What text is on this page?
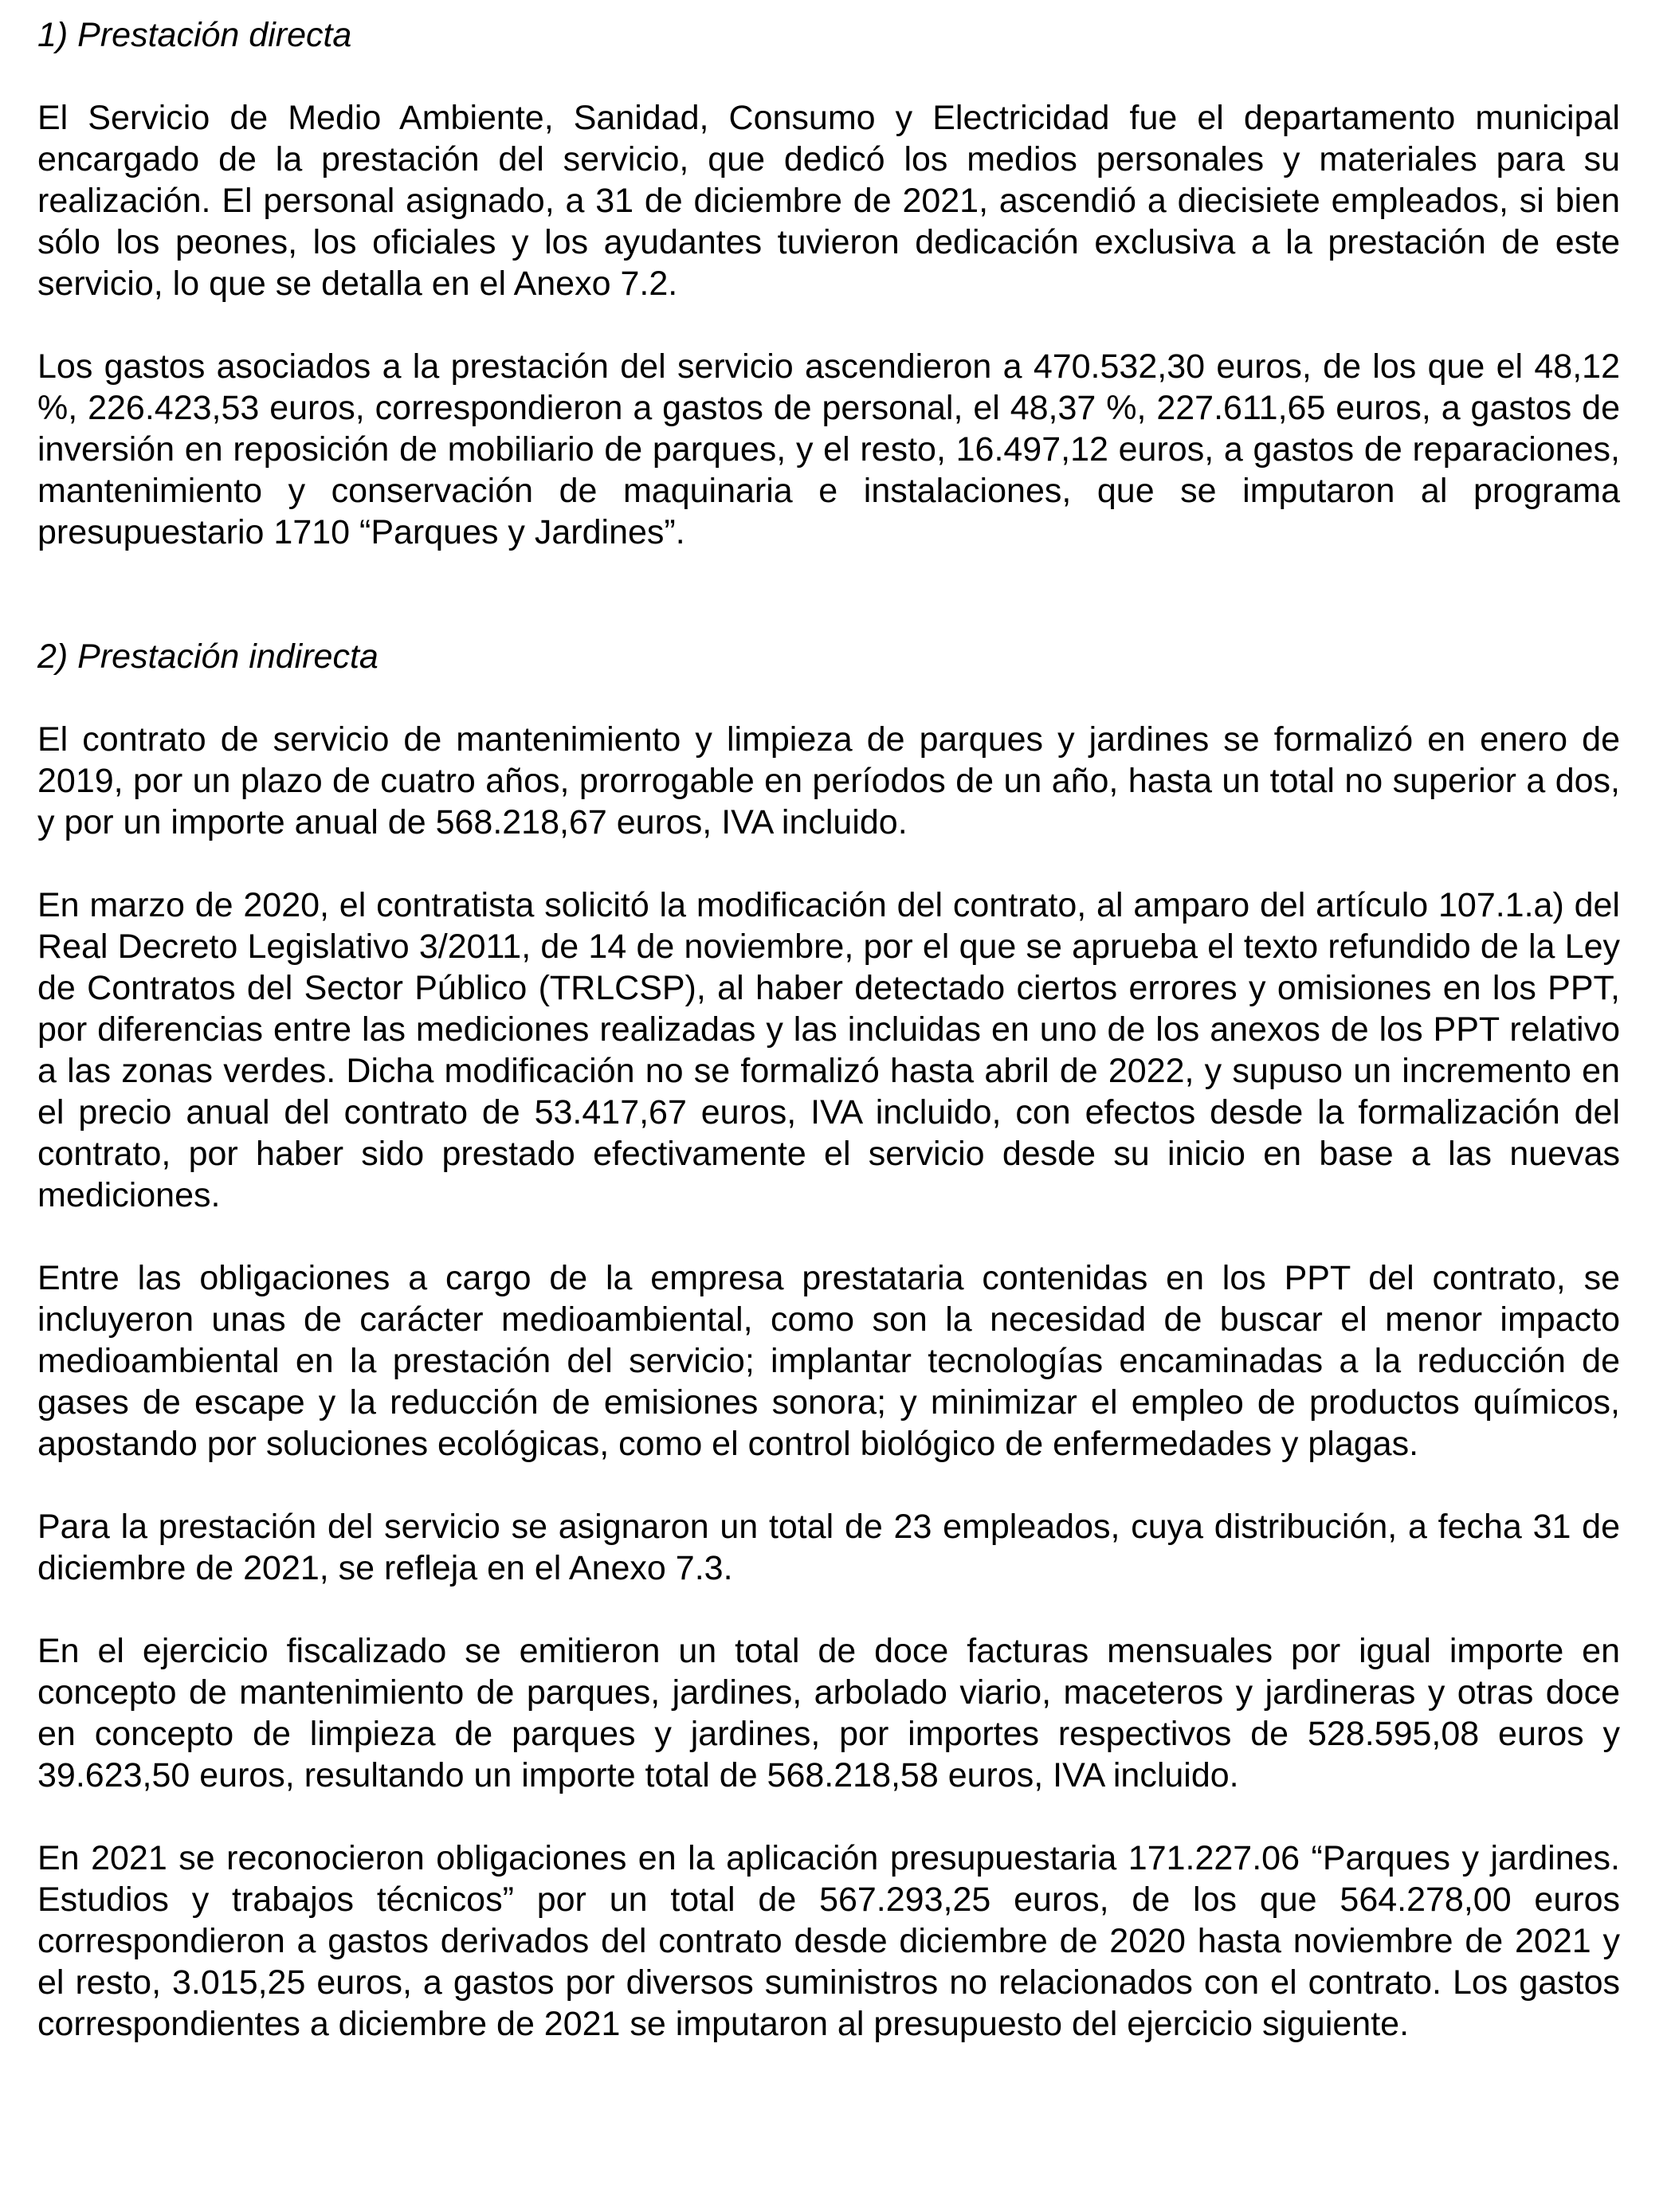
1) Prestación directa

El Servicio de Medio Ambiente, Sanidad, Consumo y Electricidad fue el departamento municipal encargado de la prestación del servicio, que dedicó los medios personales y materiales para su realización. El personal asignado, a 31 de diciembre de 2021, ascendió a diecisiete empleados, si bien sólo los peones, los oficiales y los ayudantes tuvieron dedicación exclusiva a la prestación de este servicio, lo que se detalla en el Anexo 7.2.

Los gastos asociados a la prestación del servicio ascendieron a 470.532,30 euros, de los que el 48,12 %, 226.423,53 euros, correspondieron a gastos de personal, el 48,37 %, 227.611,65 euros, a gastos de inversión en reposición de mobiliario de parques, y el resto, 16.497,12 euros, a gastos de reparaciones, mantenimiento y conservación de maquinaria e instalaciones, que se imputaron al programa presupuestario 1710 “Parques y Jardines”.

2) Prestación indirecta

El contrato de servicio de mantenimiento y limpieza de parques y jardines se formalizó en enero de 2019, por un plazo de cuatro años, prorrogable en períodos de un año, hasta un total no superior a dos, y por un importe anual de 568.218,67 euros, IVA incluido.

En marzo de 2020, el contratista solicitó la modificación del contrato, al amparo del artículo 107.1.a) del Real Decreto Legislativo 3/2011, de 14 de noviembre, por el que se aprueba el texto refundido de la Ley de Contratos del Sector Público (TRLCSP), al haber detectado ciertos errores y omisiones en los PPT, por diferencias entre las mediciones realizadas y las incluidas en uno de los anexos de los PPT relativo a las zonas verdes. Dicha modificación no se formalizó hasta abril de 2022, y supuso un incremento en el precio anual del contrato de 53.417,67 euros, IVA incluido, con efectos desde la formalización del contrato, por haber sido prestado efectivamente el servicio desde su inicio en base a las nuevas mediciones.

Entre las obligaciones a cargo de la empresa prestataria contenidas en los PPT del contrato, se incluyeron unas de carácter medioambiental, como son la necesidad de buscar el menor impacto medioambiental en la prestación del servicio; implantar tecnologías encaminadas a la reducción de gases de escape y la reducción de emisiones sonora; y minimizar el empleo de productos químicos, apostando por soluciones ecológicas, como el control biológico de enfermedades y plagas.

Para la prestación del servicio se asignaron un total de 23 empleados, cuya distribución, a fecha 31 de diciembre de 2021, se refleja en el Anexo 7.3.

En el ejercicio fiscalizado se emitieron un total de doce facturas mensuales por igual importe en concepto de mantenimiento de parques, jardines, arbolado viario, maceteros y jardineras y otras doce en concepto de limpieza de parques y jardines, por importes respectivos de 528.595,08 euros y 39.623,50 euros, resultando un importe total de 568.218,58 euros, IVA incluido.

En 2021 se reconocieron obligaciones en la aplicación presupuestaria 171.227.06 “Parques y jardines. Estudios y trabajos técnicos” por un total de 567.293,25 euros, de los que 564.278,00 euros correspondieron a gastos derivados del contrato desde diciembre de 2020 hasta noviembre de 2021 y el resto, 3.015,25 euros, a gastos por diversos suministros no relacionados con el contrato. Los gastos correspondientes a diciembre de 2021 se imputaron al presupuesto del ejercicio siguiente.
